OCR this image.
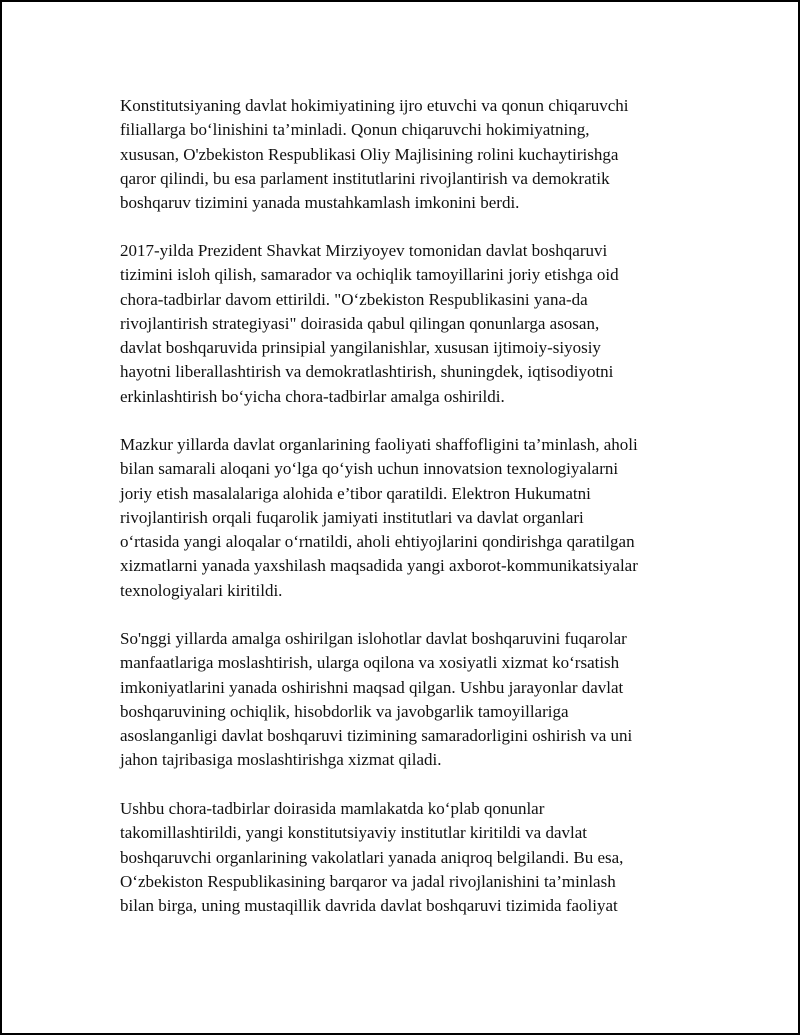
Konstitutsiyaning davlat hokimiyatining ijro etuvchi va qonun chiqaruvchi
filiallarga bo‘linishini ta’minladi. Qonun chiqaruvchi hokimiyatning,
xususan, O'zbekiston Respublikasi Oliy Majlisining rolini kuchaytirishga
qaror qilindi, bu esa parlament institutlarini rivojlantirish va demokratik
boshqaruv tizimini yanada mustahkamlash imkonini berdi.

2017-yilda Prezident Shavkat Mirziyoyev tomonidan davlat boshqaruvi
tizimini isloh qilish, samarador va ochiqlik tamoyillarini joriy etishga oid
chora-tadbirlar davom ettirildi. "O‘zbekiston Respublikasini yana-da
rivojlantirish strategiyasi" doirasida qabul qilingan qonunlarga asosan,
davlat boshqaruvida prinsipial yangilanishlar, xususan ijtimoiy-siyosiy
hayotni liberallashtirish va demokratlashtirish, shuningdek, iqtisodiyotni
erkinlashtirish bo‘yicha chora-tadbirlar amalga oshirildi.

Mazkur yillarda davlat organlarining faoliyati shaffofligini ta’minlash, aholi
bilan samarali aloqani yo‘lga qo‘yish uchun innovatsion texnologiyalarni
joriy etish masalalariga alohida e’tibor qaratildi. Elektron Hukumatni
rivojlantirish orqali fuqarolik jamiyati institutlari va davlat organlari
o‘rtasida yangi aloqalar o‘rnatildi, aholi ehtiyojlarini qondirishga qaratilgan
xizmatlarni yanada yaxshilash maqsadida yangi axborot-kommunikatsiyalar
texnologiyalari kiritildi.

So'nggi yillarda amalga oshirilgan islohotlar davlat boshqaruvini fuqarolar
manfaatlariga moslashtirish, ularga oqilona va xosiyatli xizmat ko‘rsatish
imkoniyatlarini yanada oshirishni maqsad qilgan. Ushbu jarayonlar davlat
boshqaruvining ochiqlik, hisobdorlik va javobgarlik tamoyillariga
asoslanganligi davlat boshqaruvi tizimining samaradorligini oshirish va uni
jahon tajribasiga moslashtirishga xizmat qiladi.

Ushbu chora-tadbirlar doirasida mamlakatda ko‘plab qonunlar
takomillashtirildi, yangi konstitutsiyaviy institutlar kiritildi va davlat
boshqaruvchi organlarining vakolatlari yanada aniqroq belgilandi. Bu esa,
O‘zbekiston Respublikasining barqaror va jadal rivojlanishini ta’minlash
bilan birga, uning mustaqillik davrida davlat boshqaruvi tizimida faoliyat
